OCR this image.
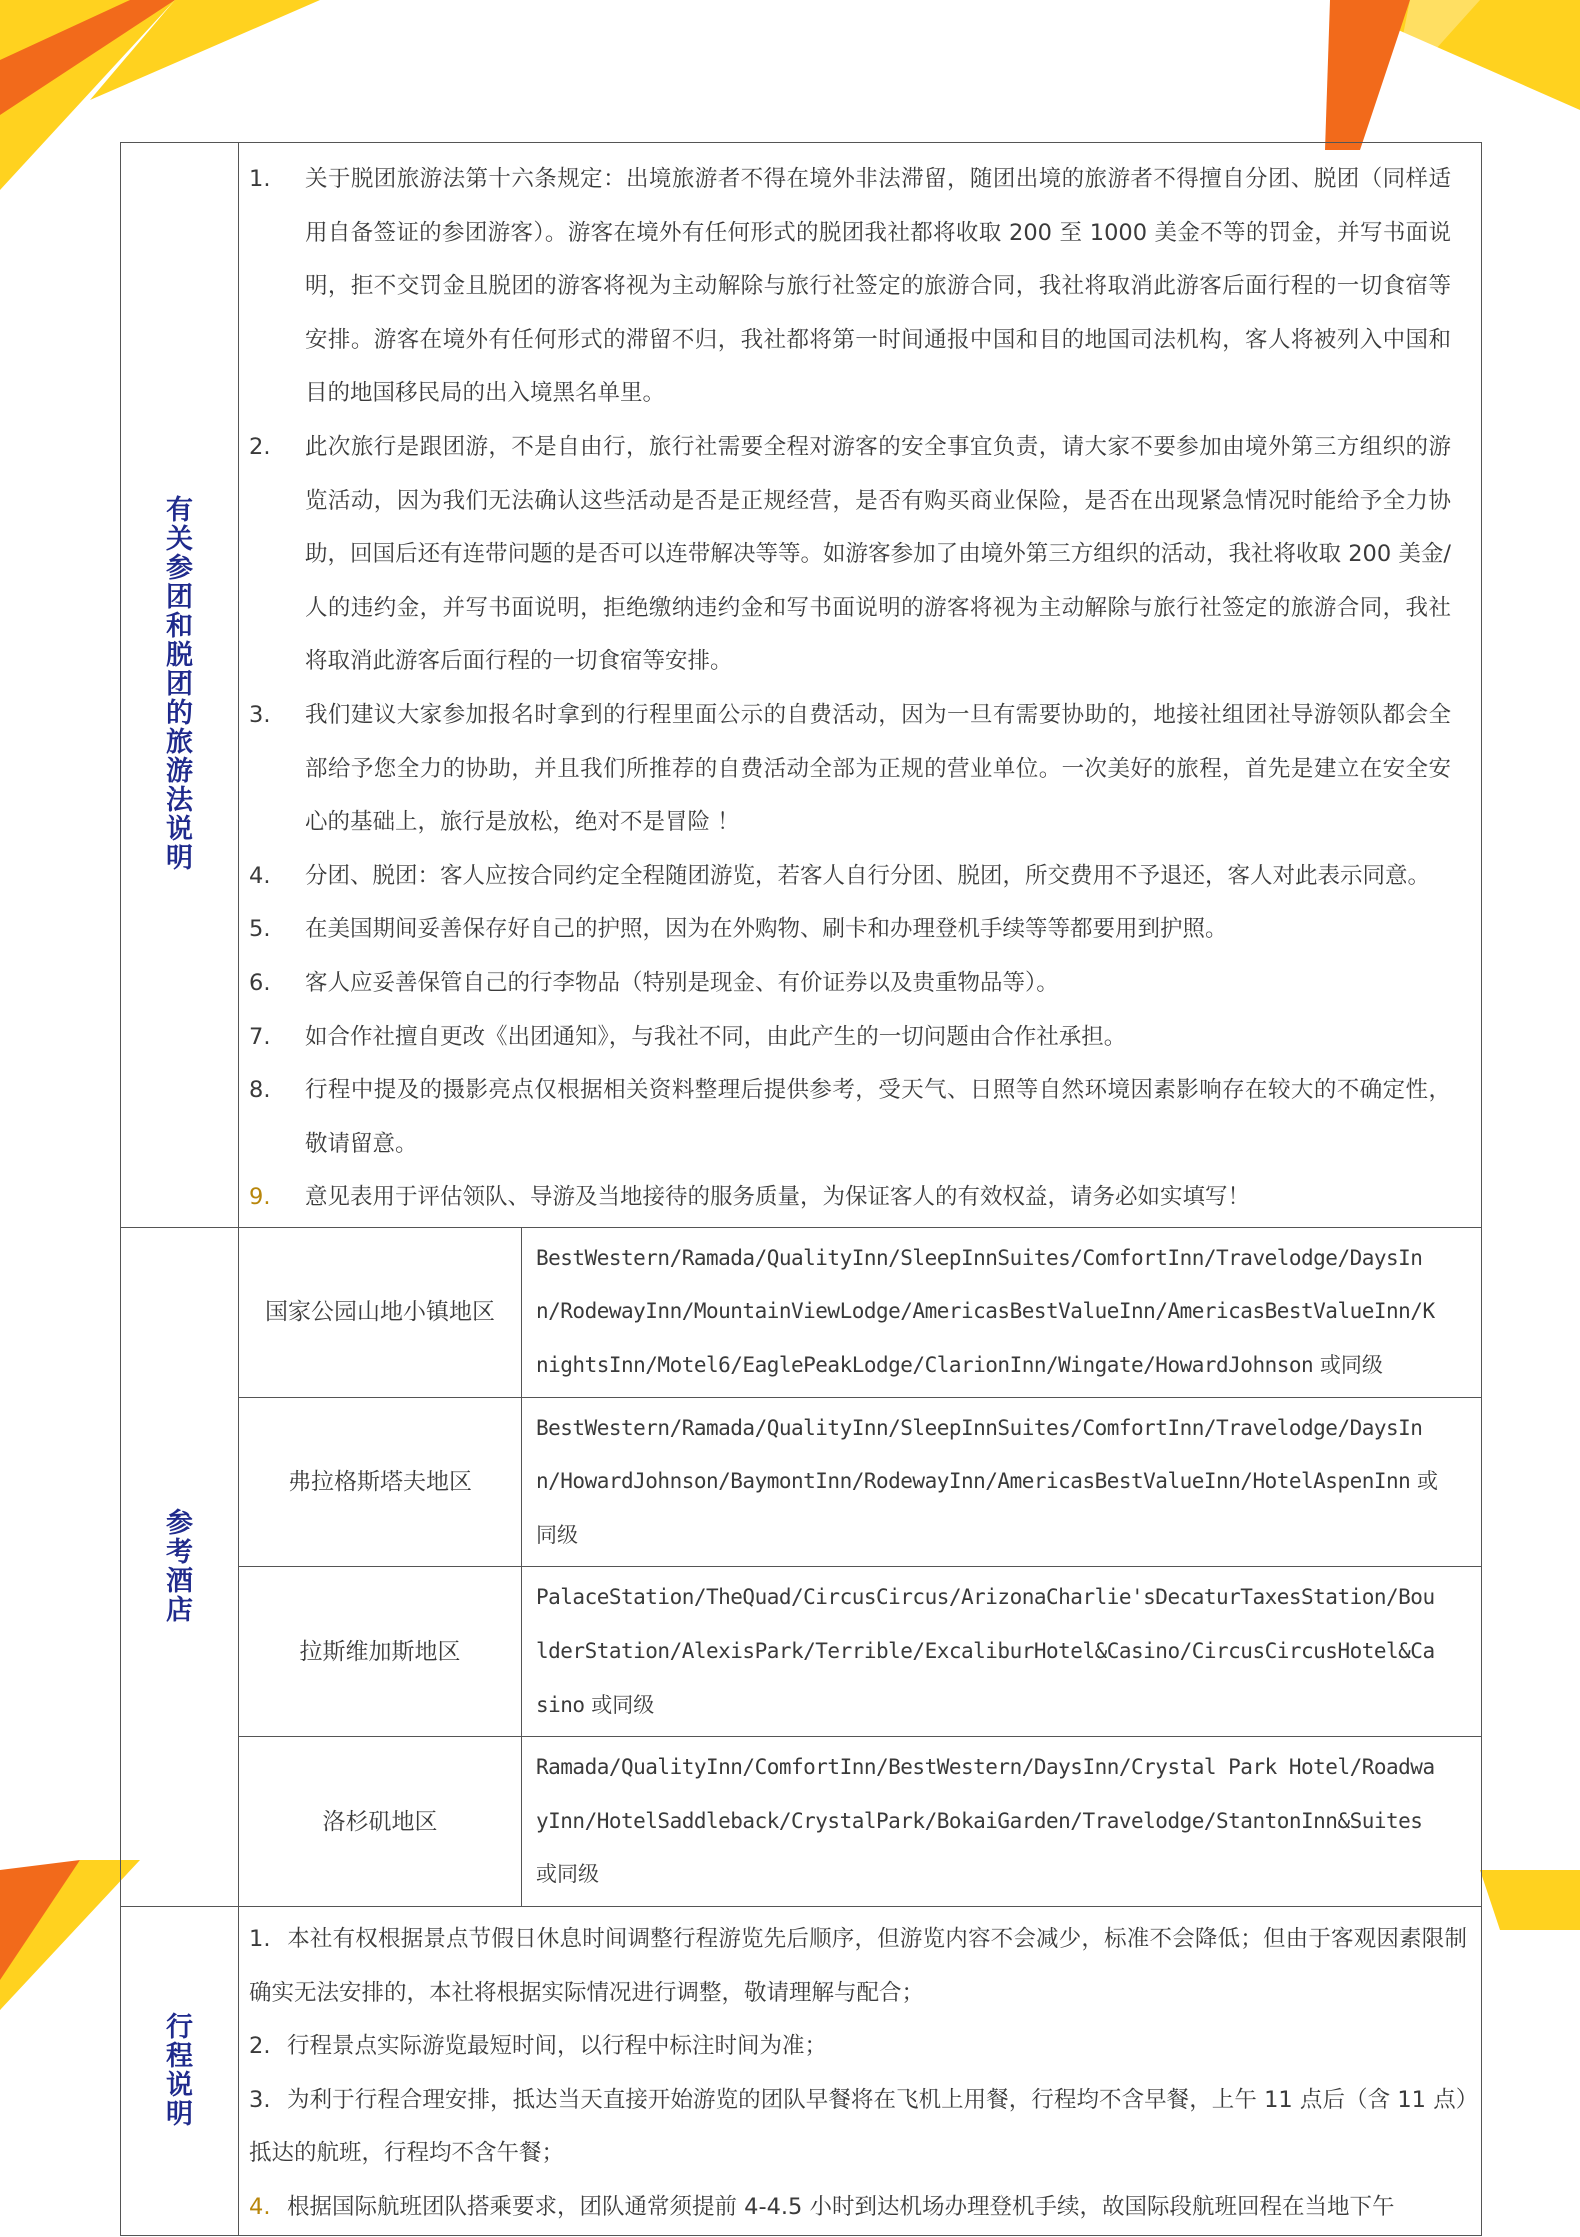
有关参团和脱团的旅游法说明	
1.	关于脱团旅游法第十六条规定：出境旅游者不得在境外非法滞留，随团出境的旅游者不得擅自分团、脱团（同样适用自备签证的参团游客）。游客在境外有任何形式的脱团我社都将收取 200 至 1000 美金不等的罚金，并写书面说明，拒不交罚金且脱团的游客将视为主动解除与旅行社签定的旅游合同，我社将取消此游客后面行程的一切食宿等安排。游客在境外有任何形式的滞留不归，我社都将第一时间通报中国和目的地国司法机构，客人将被列入中国和目的地国移民局的出入境黑名单里。
2.	此次旅行是跟团游，不是自由行，旅行社需要全程对游客的安全事宜负责，请大家不要参加由境外第三方组织的游览活动，因为我们无法确认这些活动是否是正规经营，是否有购买商业保险，是否在出现紧急情况时能给予全力协助，回国后还有连带问题的是否可以连带解决等等。如游客参加了由境外第三方组织的活动，我社将收取 200 美金/人的违约金，并写书面说明，拒绝缴纳违约金和写书面说明的游客将视为主动解除与旅行社签定的旅游合同，我社将取消此游客后面行程的一切食宿等安排。
3.	我们建议大家参加报名时拿到的行程里面公示的自费活动，因为一旦有需要协助的，地接社组团社导游领队都会全部给予您全力的协助，并且我们所推荐的自费活动全部为正规的营业单位。一次美好的旅程，首先是建立在安全安心的基础上，旅行是放松，绝对不是冒险 ！
4.	分团、脱团：客人应按合同约定全程随团游览，若客人自行分团、脱团，所交费用不予退还，客人对此表示同意。
5.	在美国期间妥善保存好自己的护照，因为在外购物、刷卡和办理登机手续等等都要用到护照。
6.	客人应妥善保管自己的行李物品（特别是现金、有价证券以及贵重物品等）。
7.	如合作社擅自更改《出团通知》，与我社不同，由此产生的一切问题由合作社承担。
8.	行程中提及的摄影亮点仅根据相关资料整理后提供参考，受天气、日照等自然环境因素影响存在较大的不确定性，敬请留意。
9.	意见表用于评估领队、导游及当地接待的服务质量，为保证客人的有效权益，请务必如实填写！

参考酒店	
国家公园山地小镇地区	BestWestern/Ramada/QualityInn/SleepInnSuites/ComfortInn/Travelodge/DaysInn/RodewayInn/MountainViewLodge/AmericasBestValueInn/AmericasBestValueInn/KnightsInn/Motel6/EaglePeakLodge/ClarionInn/Wingate/HowardJohnson 或同级
弗拉格斯塔夫地区	BestWestern/Ramada/QualityInn/SleepInnSuites/ComfortInn/Travelodge/DaysInn/HowardJohnson/BaymontInn/RodewayInn/AmericasBestValueInn/HotelAspenInn 或同级
拉斯维加斯地区	PalaceStation/TheQuad/CircusCircus/ArizonaCharlie'sDecaturTaxesStation/BoulderStation/AlexisPark/Terrible/ExcaliburHotel&Casino/CircusCircusHotel&Casino 或同级
洛杉矶地区	Ramada/QualityInn/ComfortInn/BestWestern/DaysInn/Crystal Park Hotel/RoadwayInn/HotelSaddleback/CrystalPark/BokaiGarden/Travelodge/StantonInn&Suites 或同级

行程说明	
1. 本社有权根据景点节假日休息时间调整行程游览先后顺序，但游览内容不会减少，标准不会降低；但由于客观因素限制确实无法安排的，本社将根据实际情况进行调整，敬请理解与配合；
2. 行程景点实际游览最短时间，以行程中标注时间为准；
3. 为利于行程合理安排，抵达当天直接开始游览的团队早餐将在飞机上用餐，行程均不含早餐，上午 11 点后（含 11 点）抵达的航班，行程均不含午餐；
4. 根据国际航班团队搭乘要求，团队通常须提前 4-4.5 小时到达机场办理登机手续，故国际段航班回程在当地下午
